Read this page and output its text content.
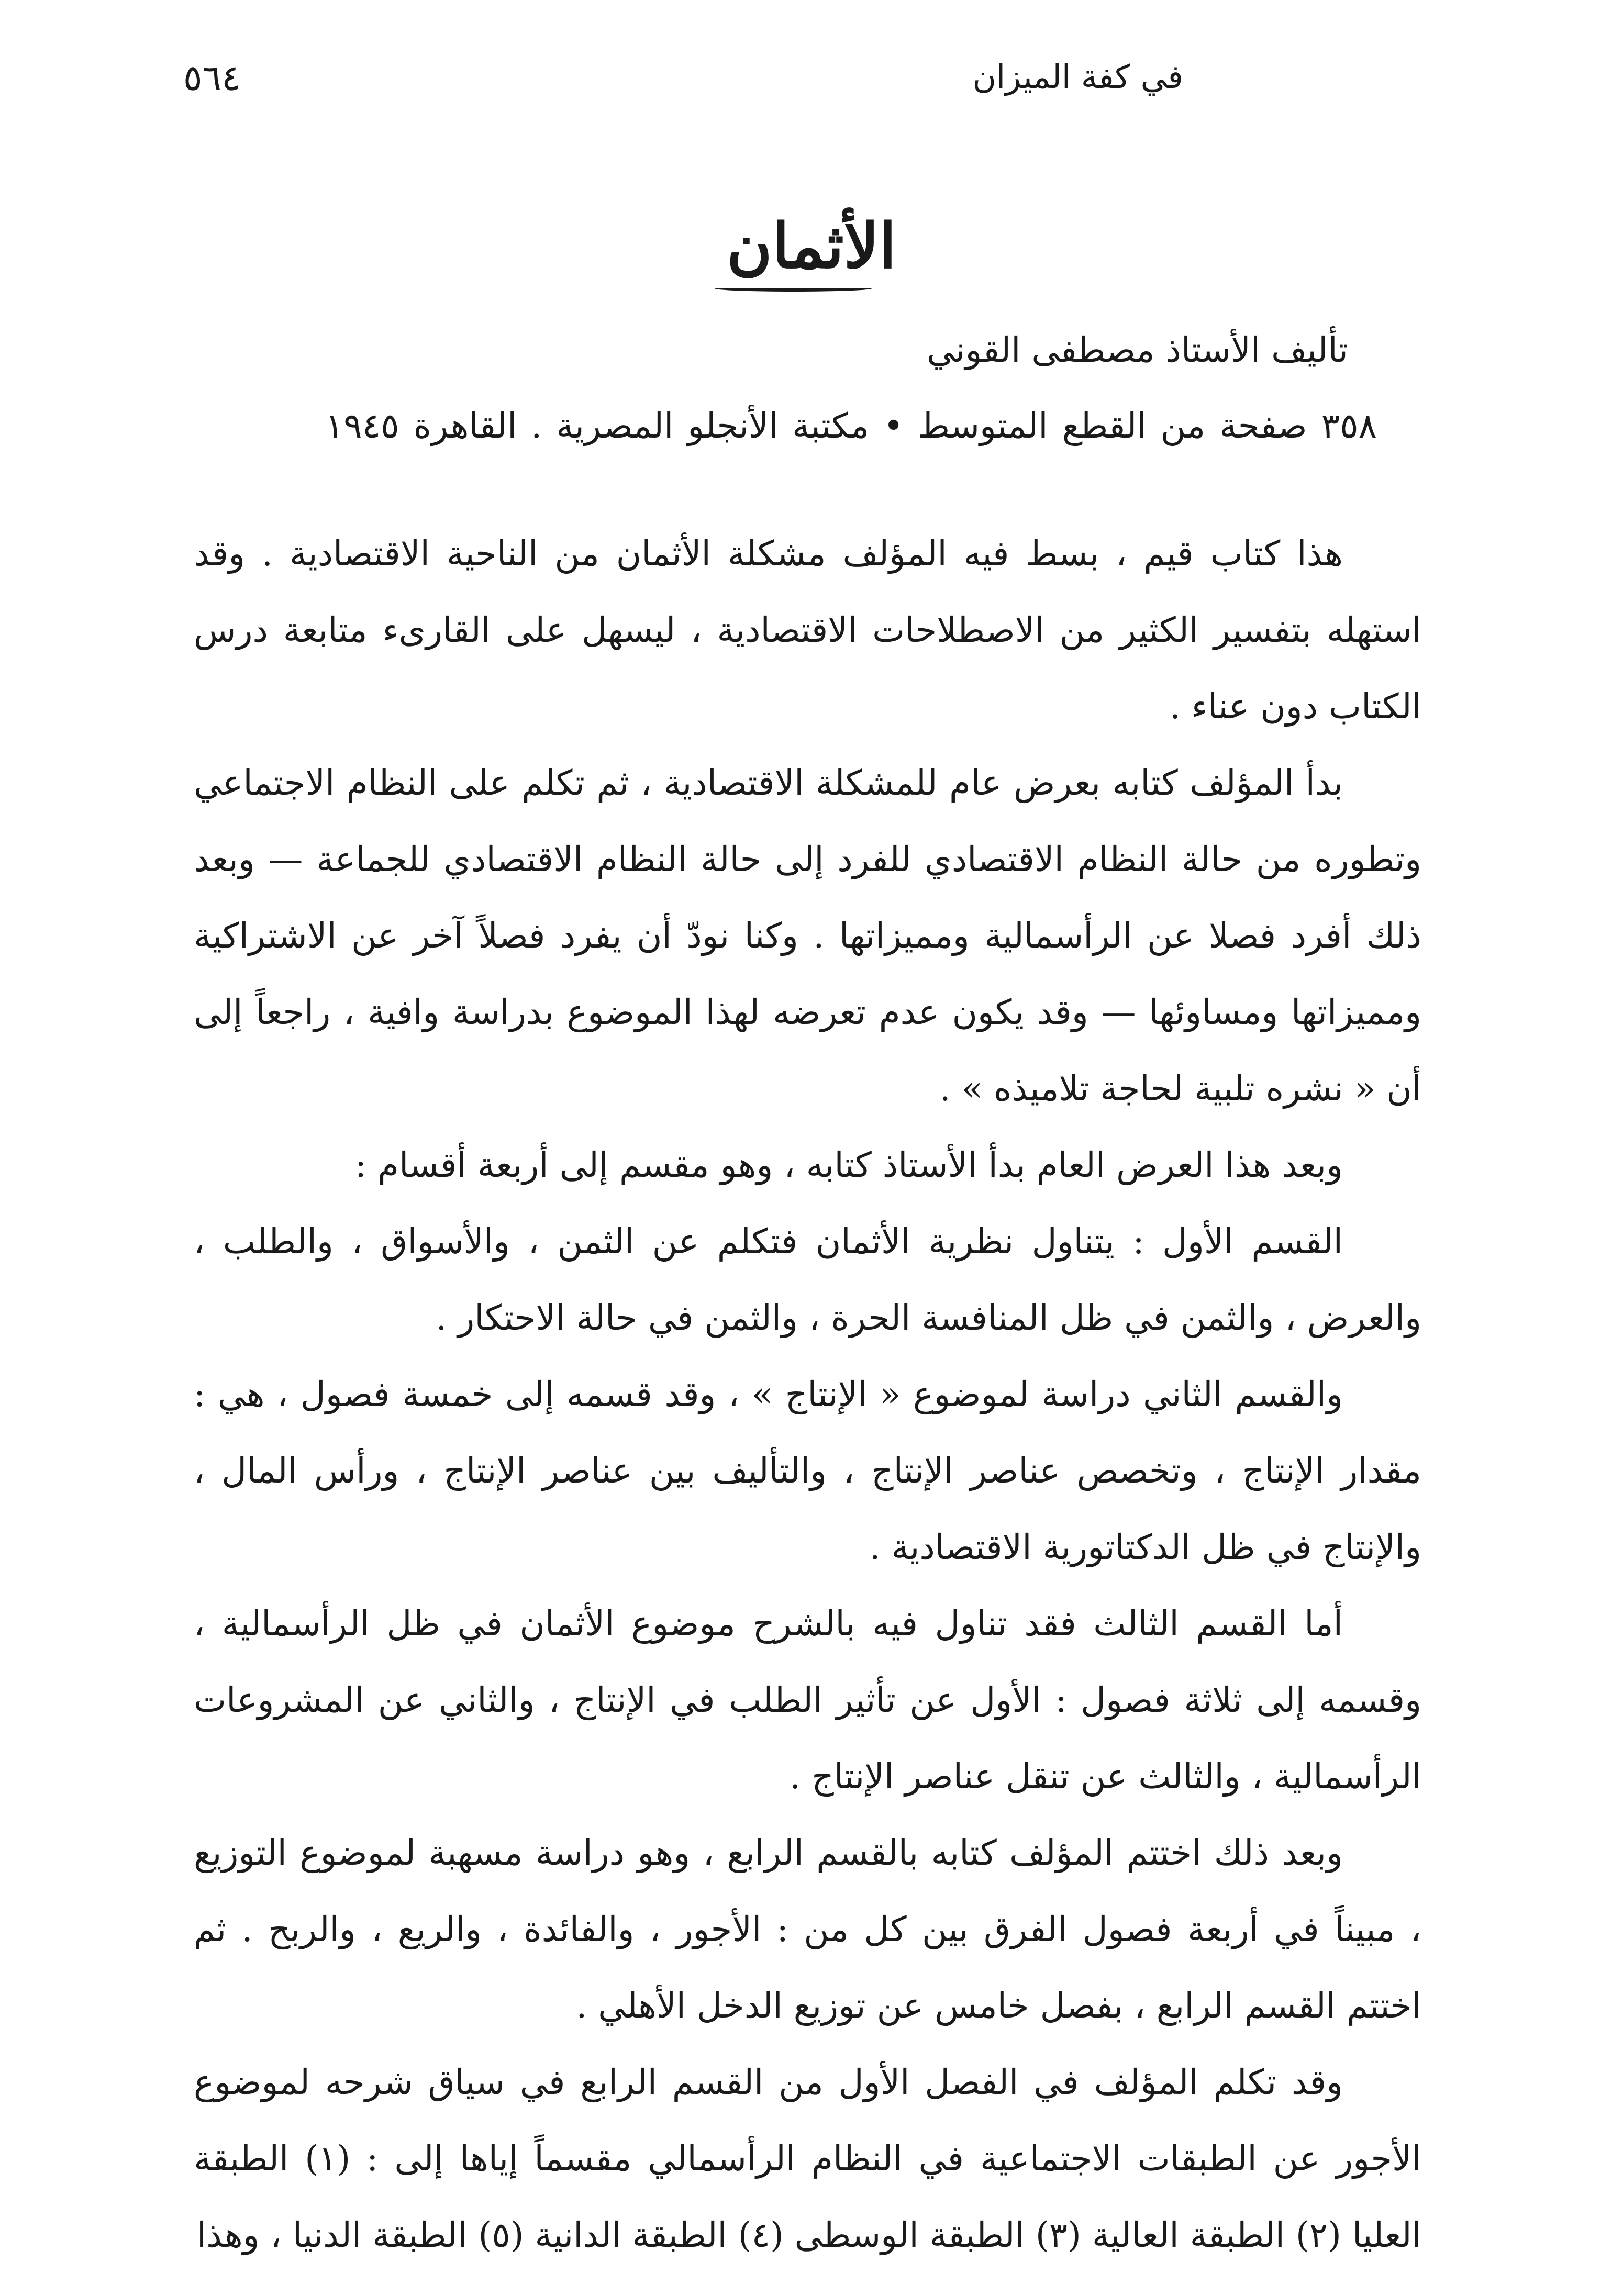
٥٦٤	في كفة الميزان
الأثمان
تأليف الأستاذ مصطفى القوني
٣٥٨ صفحة من القطع المتوسط • مكتبة الأنجلو المصرية . القاهرة ١٩٤٥

هذا كتاب قيم ، بسط فيه المؤلف مشكلة الأثمان من الناحية الاقتصادية . وقد استهله بتفسير الكثير من الاصطلاحات الاقتصادية ، ليسهل على القارىء متابعة درس الكتاب دون عناء .

بدأ المؤلف كتابه بعرض عام للمشكلة الاقتصادية ، ثم تكلم على النظام الاجتماعي وتطوره من حالة النظام الاقتصادي للفرد إلى حالة النظام الاقتصادي للجماعة — وبعد ذلك أفرد فصلا عن الرأسمالية ومميزاتها . وكنا نودّ أن يفرد فصلاً آخر عن الاشتراكية ومميزاتها ومساوئها — وقد يكون عدم تعرضه لهذا الموضوع بدراسة وافية ، راجعاً إلى أن « نشره تلبية لحاجة تلاميذه » .

وبعد هذا العرض العام بدأ الأستاذ كتابه ، وهو مقسم إلى أربعة أقسام :

القسم الأول : يتناول نظرية الأثمان فتكلم عن الثمن ، والأسواق ، والطلب ، والعرض ، والثمن في ظل المنافسة الحرة ، والثمن في حالة الاحتكار .

والقسم الثاني دراسة لموضوع « الإنتاج » ، وقد قسمه إلى خمسة فصول ، هي : مقدار الإنتاج ، وتخصص عناصر الإنتاج ، والتأليف بين عناصر الإنتاج ، ورأس المال ، والإنتاج في ظل الدكتاتورية الاقتصادية .

أما القسم الثالث فقد تناول فيه بالشرح موضوع الأثمان في ظل الرأسمالية ، وقسمه إلى ثلاثة فصول : الأول عن تأثير الطلب في الإنتاج ، والثاني عن المشروعات الرأسمالية ، والثالث عن تنقل عناصر الإنتاج .

وبعد ذلك اختتم المؤلف كتابه بالقسم الرابع ، وهو دراسة مسهبة لموضوع التوزيع ، مبيناً في أربعة فصول الفرق بين كل من : الأجور ، والفائدة ، والريع ، والربح . ثم اختتم القسم الرابع ، بفصل خامس عن توزيع الدخل الأهلي .

وقد تكلم المؤلف في الفصل الأول من القسم الرابع في سياق شرحه لموضوع الأجور عن الطبقات الاجتماعية في النظام الرأسمالي مقسماً إياها إلى : (١) الطبقة العليا (٢) الطبقة العالية (٣) الطبقة الوسطى (٤) الطبقة الدانية (٥) الطبقة الدنيا ، وهذا
